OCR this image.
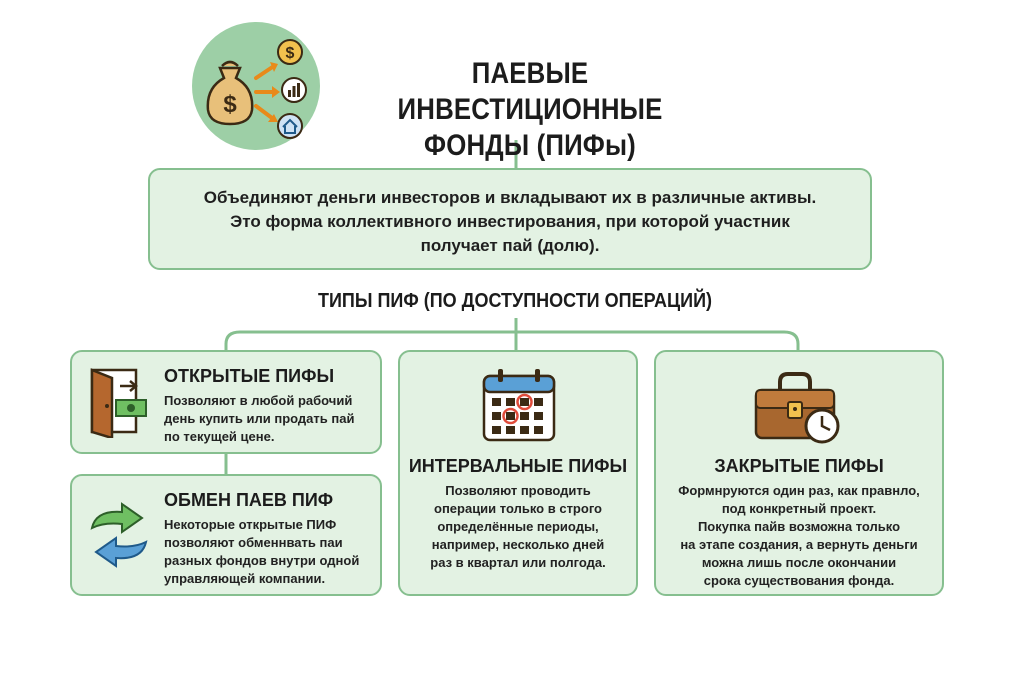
$
$
ПАЕВЫЕ ИНВЕСТИЦИОННЫЕ
ФОНДЫ (ПИФы)
Объединяют деньги инвесторов и вкладывают их в различные активы.
Это форма коллективного инвестирования, при которой участник
получает пай (долю).
ТИПЫ ПИФ (ПО ДОСТУПНОСТИ ОПЕРАЦИЙ)
ОТКРЫТЫЕ ПИФЫ
Позволяют в любой рабочий
день купить или продать пай
по текущей цене.
ОБМЕН ПАЕВ ПИФ
Некоторые открытые ПИФ
позволяют обменнвать паи
разных фондов внутри одной
управляющей компании.
ИНТЕРВАЛЬНЫЕ ПИФЫ
Позволяют проводить
операции только в строго
определённые периоды,
например, несколько дней
раз в квартал или полгода.
ЗАКРЫТЫЕ ПИФЫ
Формнруются один раз, как правнло,
под конкретный проект.
Покупка пайв возможна только
на этапе создания, а вернуть деньги
можна лишь после окончании
срока существования фонда.
